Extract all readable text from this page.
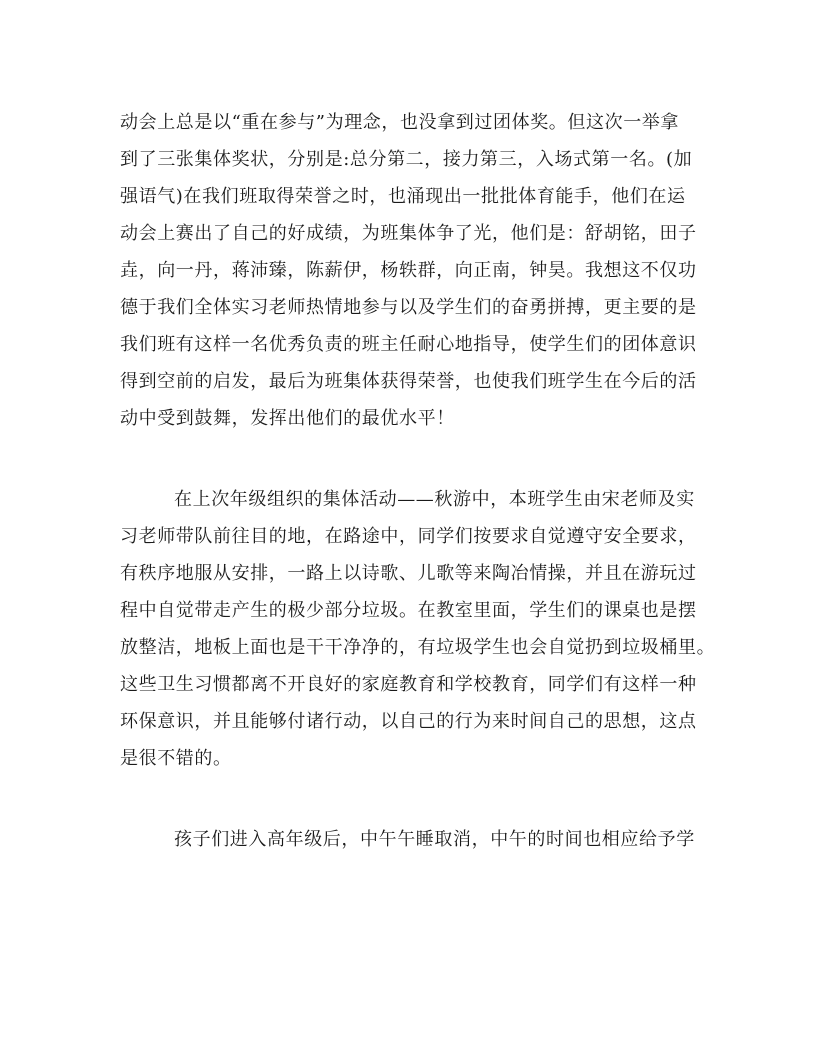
动会上总是以“重在参与”为理念，也没拿到过团体奖。但这次一举拿
到了三张集体奖状，分别是:总分第二，接力第三，入场式第一名。(加
强语气)在我们班取得荣誉之时，也涌现出一批批体育能手，他们在运
动会上赛出了自己的好成绩，为班集体争了光，他们是：舒胡铭，田子
垚，向一丹，蒋沛臻，陈薪伊，杨轶群，向正南，钟昊。我想这不仅功
德于我们全体实习老师热情地参与以及学生们的奋勇拼搏，更主要的是
我们班有这样一名优秀负责的班主任耐心地指导，使学生们的团体意识
得到空前的启发，最后为班集体获得荣誉，也使我们班学生在今后的活
动中受到鼓舞，发挥出他们的最优水平！
在上次年级组织的集体活动——秋游中，本班学生由宋老师及实
习老师带队前往目的地，在路途中，同学们按要求自觉遵守安全要求，
有秩序地服从安排，一路上以诗歌、儿歌等来陶冶情操，并且在游玩过
程中自觉带走产生的极少部分垃圾。在教室里面，学生们的课桌也是摆
放整洁，地板上面也是干干净净的，有垃圾学生也会自觉扔到垃圾桶里。
这些卫生习惯都离不开良好的家庭教育和学校教育，同学们有这样一种
环保意识，并且能够付诸行动，以自己的行为来时间自己的思想，这点
是很不错的。
孩子们进入高年级后，中午午睡取消，中午的时间也相应给予学
